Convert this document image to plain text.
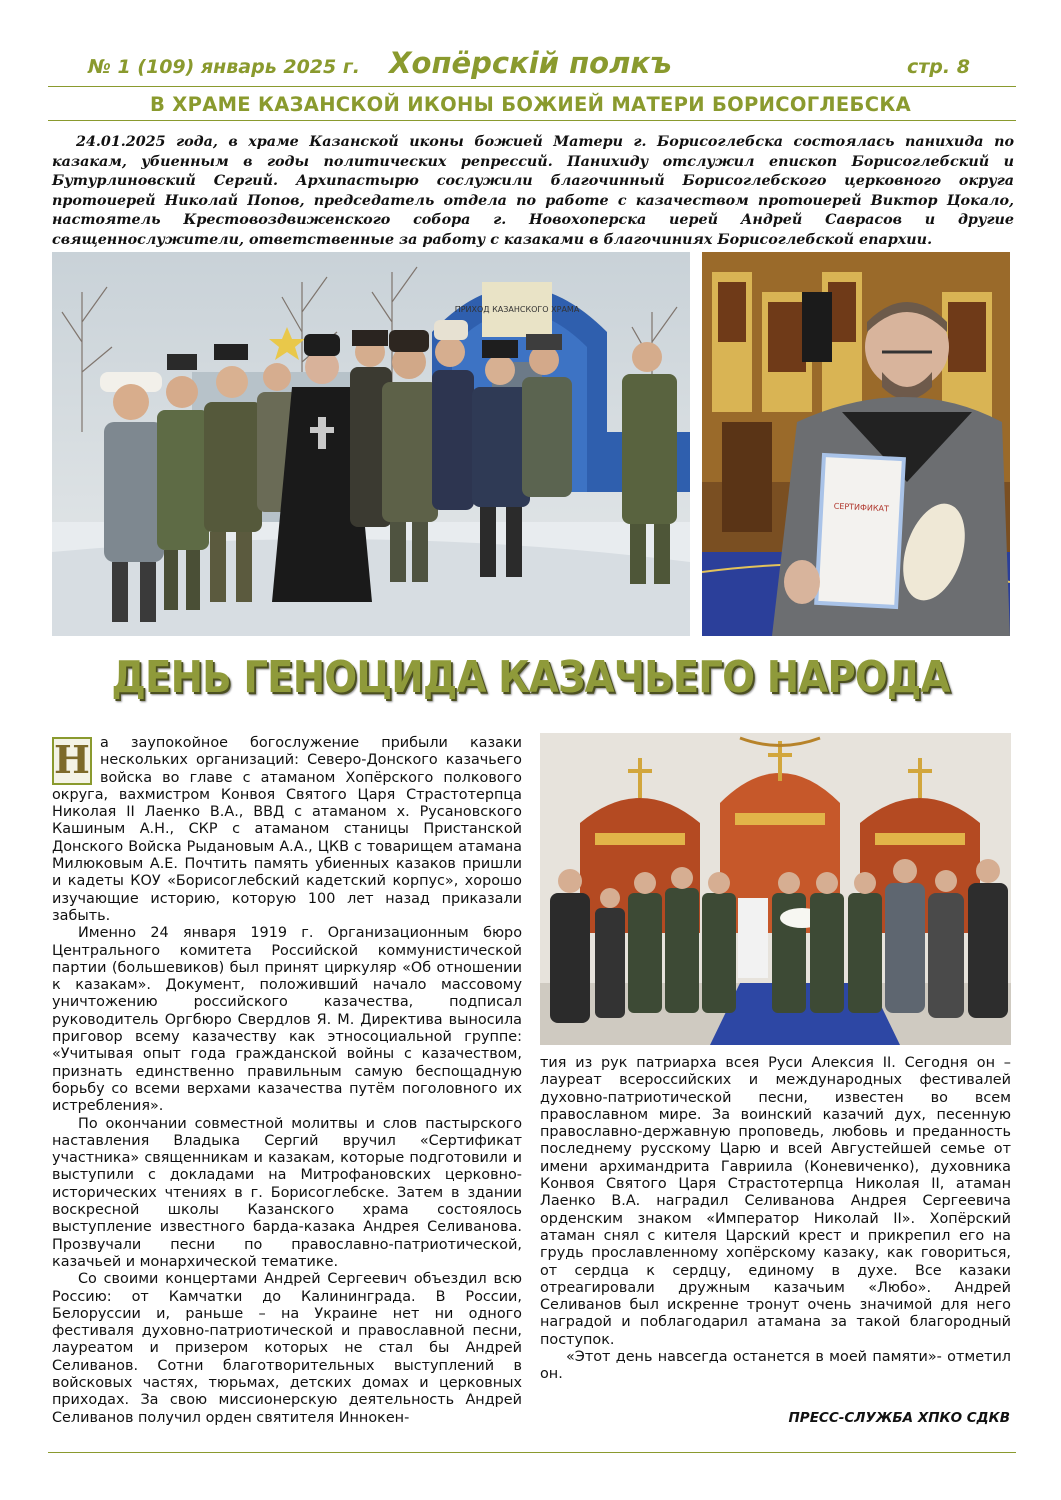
№ 1 (109) январь 2025 г.	Хопёрскiй полкъ	стр. 8
В ХРАМЕ КАЗАНСКОЙ ИКОНЫ БОЖИЕЙ МАТЕРИ БОРИСОГЛЕБСКА
24.01.2025 года, в храме Казанской иконы божией Матери г. Борисоглебска состоялась панихида по казакам, убиенным в годы политических репрессий. Панихиду отслужил епископ Борисоглебский и Бутурлиновский Сергий. Архипастырю сослужили благочинный Борисоглебского церковного округа протоиерей Николай Попов, председатель отдела по работе с казачеством протоиерей Виктор Цокало, настоятель Крестовоздвиженского собора г. Новохоперска иерей Андрей Саврасов и другие священнослужители, ответственные за работу с казаками в благочиниях Борисоглебской епархии.
ПРИХОД КАЗАНСКОГО ХРАМА
СЕРТИФИКАТ
ДЕНЬ ГЕНОЦИДА КАЗАЧЬЕГО НАРОДА
Н а заупокойное богослужение прибыли казаки нескольких организаций: Северо-Донского казачьего войска во главе с атаманом Хопёрского полкового округа, вахмистром Конвоя Святого Царя Страстотерпца Николая II Лаенко В.А., ВВД с атаманом х. Русановского Кашиным А.Н., СКР с атаманом станицы Пристанской Донского Войска Рыдановым А.А., ЦКВ с товарищем атамана Милюковым А.Е. Почтить память убиенных казаков пришли и кадеты КОУ «Борисоглебский кадетский корпус», хорошо изучающие историю, которую 100 лет назад приказали забыть.

Именно 24 января 1919 г. Организационным бюро Центрального комитета Российской коммунистической партии (большевиков) был принят циркуляр «Об отношении к казакам». Документ, положивший начало массовому уничтожению российского казачества, подписал руководитель Оргбюро Свердлов Я. М. Директива выносила приговор всему казачеству как этносоциальной группе: «Учитывая опыт года гражданской войны с казачеством, признать единственно правильным самую беспощадную борьбу со всеми верхами казачества путём поголовного их истребления».

По окончании совместной молитвы и слов пастырского наставления Владыка Сергий вручил «Сертификат участника» священникам и казакам, которые подготовили и выступили с докладами на Митрофановских церковно-исторических чтениях в г. Борисоглебске. Затем в здании воскресной школы Казанского храма состоялось выступление известного барда-казака Андрея Селиванова. Прозвучали песни по православно-патриотической, казачьей и монархической тематике.

Со своими концертами Андрей Сергеевич объездил всю Россию: от Камчатки до Калининграда. В России, Белоруссии и, раньше – на Украине нет ни одного фестиваля духовно-патриотической и православной песни, лауреатом и призером которых не стал бы Андрей Селиванов. Сотни благотворительных выступлений в войсковых частях, тюрьмах, детских домах и церковных приходах. За свою миссионерскую деятельность Андрей Селиванов получил орден святителя Иннокен-

тия из рук патриарха всея Руси Алексия II. Сегодня он – лауреат всероссийских и международных фестивалей духовно-патриотической песни, известен во всем православном мире. За воинский казачий дух, песенную православно-державную проповедь, любовь и преданность последнему русскому Царю и всей Августейшей семье от имени архимандрита Гавриила (Коневиченко), духовника Конвоя Святого Царя Страстотерпца Николая II, атаман Лаенко В.А. наградил Селиванова Андрея Сергеевича орденским знаком «Император Николай II». Хопёрский атаман снял с кителя Царский крест и прикрепил его на грудь прославленному хопёрскому казаку, как говориться, от сердца к сердцу, единому в духе. Все казаки отреагировали дружным казачьим «Любо». Андрей Селиванов был искренне тронут очень значимой для него наградой и поблагодарил атамана за такой благородный поступок.

«Этот день навсегда останется в моей памяти»- отметил он.

ПРЕСС-СЛУЖБА ХПКО СДКВ
